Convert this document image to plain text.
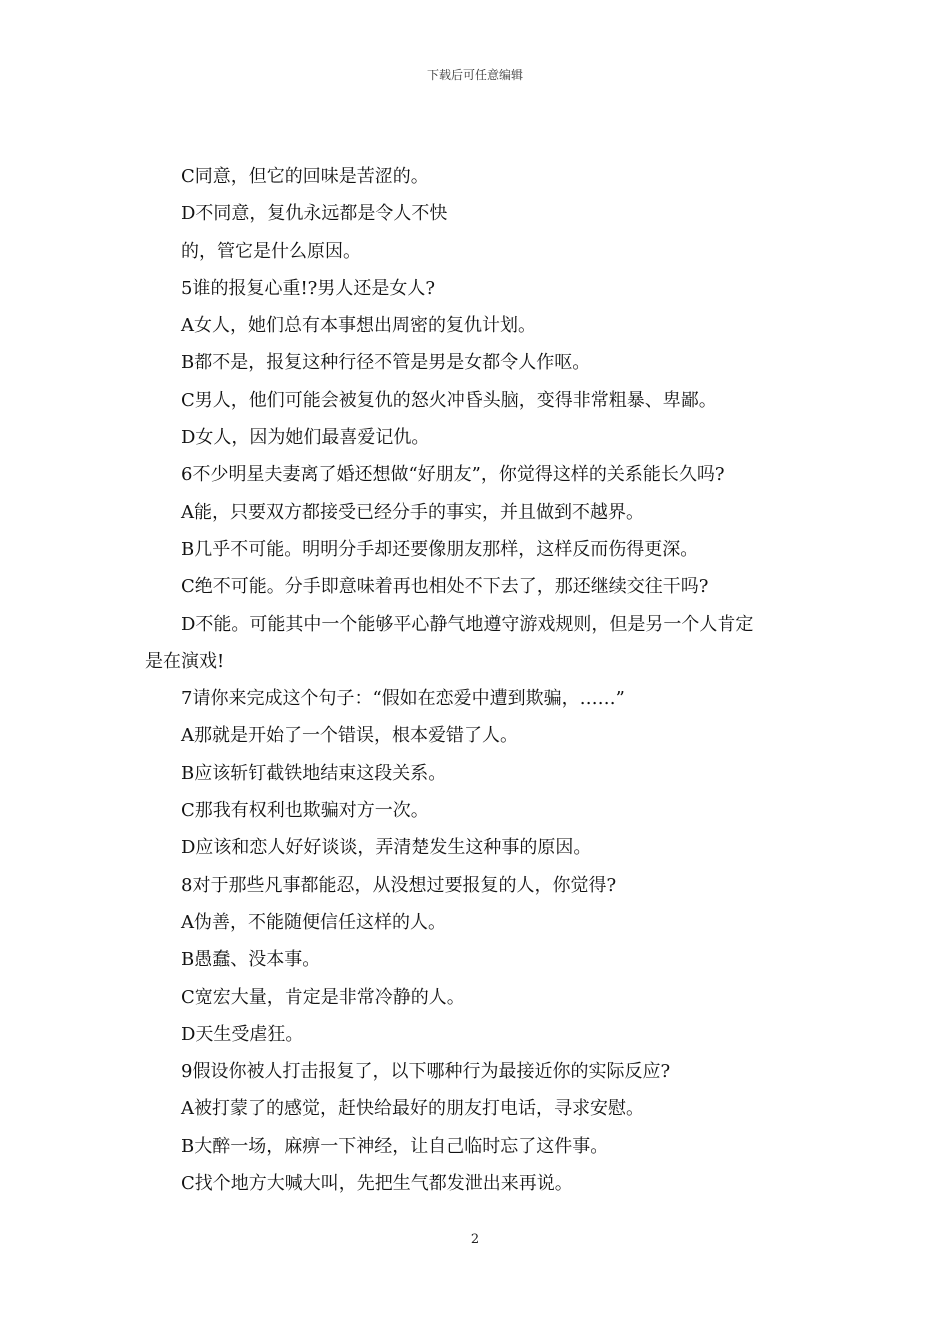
下载后可任意编辑
C同意，但它的回味是苦涩的。
D不同意，复仇永远都是令人不快
的，管它是什么原因。
5谁的报复心重!?男人还是女人?
A女人，她们总有本事想出周密的复仇计划。
B都不是，报复这种行径不管是男是女都令人作呕。
C男人，他们可能会被复仇的怒火冲昏头脑，变得非常粗暴、卑鄙。
D女人，因为她们最喜爱记仇。
6不少明星夫妻离了婚还想做“好朋友”，你觉得这样的关系能长久吗?
A能，只要双方都接受已经分手的事实，并且做到不越界。
B几乎不可能。明明分手却还要像朋友那样，这样反而伤得更深。
C绝不可能。分手即意味着再也相处不下去了，那还继续交往干吗?
D不能。可能其中一个能够平心静气地遵守游戏规则，但是另一个人肯定
是在演戏!
7请你来完成这个句子：“假如在恋爱中遭到欺骗，……”
A那就是开始了一个错误，根本爱错了人。
B应该斩钉截铁地结束这段关系。
C那我有权利也欺骗对方一次。
D应该和恋人好好谈谈，弄清楚发生这种事的原因。
8对于那些凡事都能忍，从没想过要报复的人，你觉得?
A伪善，不能随便信任这样的人。
B愚蠢、没本事。
C宽宏大量，肯定是非常冷静的人。
D天生受虐狂。
9假设你被人打击报复了，以下哪种行为最接近你的实际反应?
A被打蒙了的感觉，赶快给最好的朋友打电话，寻求安慰。
B大醉一场，麻痹一下神经，让自己临时忘了这件事。
C找个地方大喊大叫，先把生气都发泄出来再说。
2
